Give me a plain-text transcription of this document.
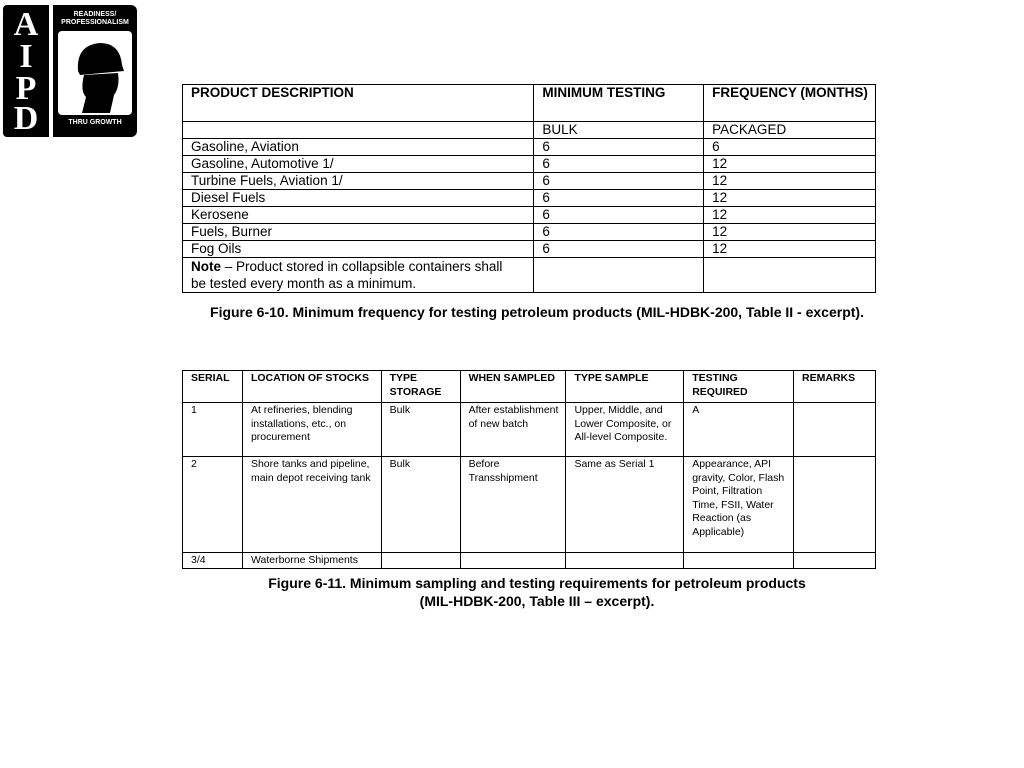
A
I
P
D
READINESS/ PROFESSIONALISM
THRU GROWTH
PRODUCT DESCRIPTION	MINIMUM TESTING	FREQUENCY (MONTHS)
	BULK	PACKAGED
Gasoline, Aviation	6	6
Gasoline, Automotive 1/	6	12
Turbine Fuels, Aviation 1/	6	12
Diesel Fuels	6	12
Kerosene	6	12
Fuels, Burner	6	12
Fog Oils	6	12
Note – Product stored in collapsible containers shall be tested every month as a minimum.		
Figure 6-10. Minimum frequency for testing petroleum products (MIL-HDBK-200, Table II - excerpt).
SERIAL	LOCATION OF STOCKS	TYPE STORAGE	WHEN SAMPLED	TYPE SAMPLE	TESTING REQUIRED	REMARKS
1	At refineries, blending installations, etc., on procurement	Bulk	After establishment of new batch	Upper, Middle, and Lower Composite, or All-level Composite.	A	
2	Shore tanks and pipeline, main depot receiving tank	Bulk	Before Transshipment	Same as Serial 1	Appearance, API gravity, Color, Flash Point, Filtration Time, FSII, Water Reaction (as Applicable)	
3/4	Waterborne Shipments					
Figure 6-11. Minimum sampling and testing requirements for petroleum products
(MIL-HDBK-200, Table III – excerpt).
